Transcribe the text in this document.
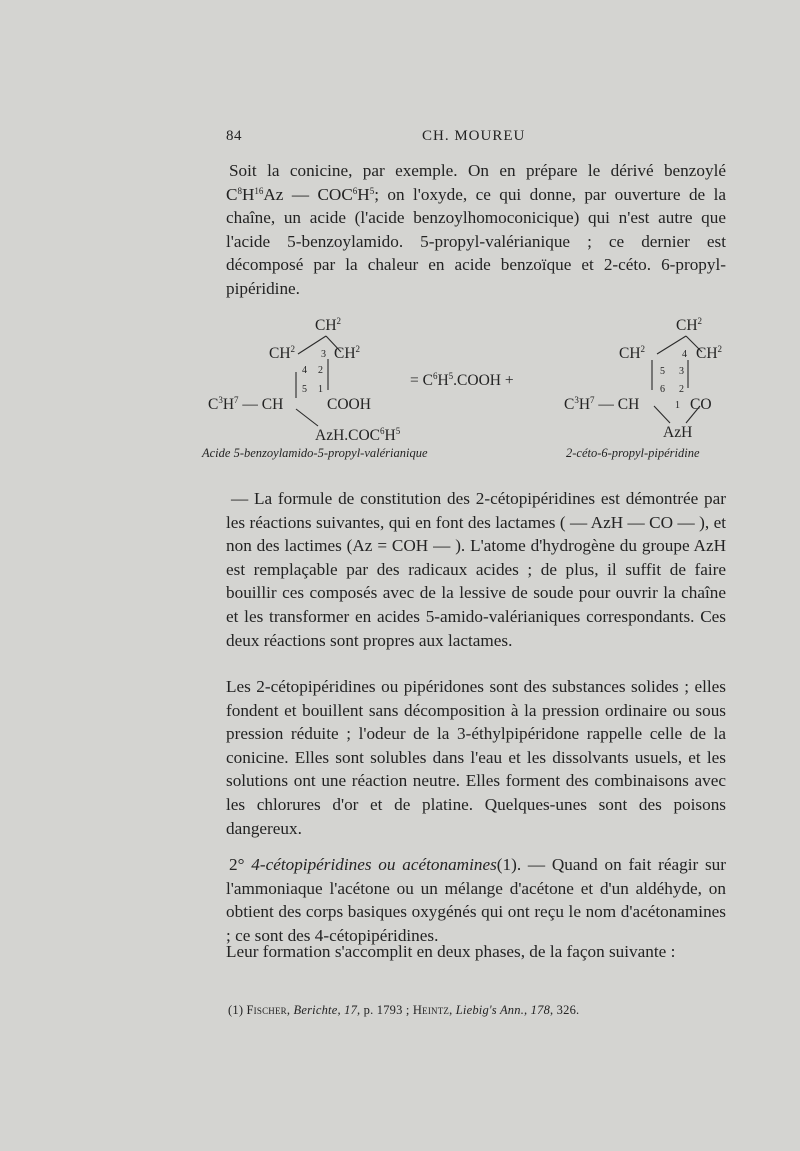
84	CH. MOUREU

Soit la conicine, par exemple. On en prépare le dérivé benzoylé $C^8H^{16}Az$ — $COC^6H^5$; on l'oxyde, ce qui donne, par ouverture de la chaîne, un acide (l'acide benzoylhomoconicique) qui n'est autre que l'acide 5-benzoylamido. 5-propyl-valérianique ; ce dernier est décomposé par la chaleur en acide benzoïque et 2-céto. 6-propyl-pipéridine.

$CH^2$
$CH^2$	$CH^2$
3
4 2
5 1
$C^3H^7$ — CH	COOH
$AzH.COC^6H^5$
= $C^6H^5.COOH$ +
$CH^2$
$CH^2$	$CH^2$
4
5 3
6 2
1
$C^3H^7$ — CH	CO
AzH
Acide 5-benzoylamido-5-propyl-valérianique	2-céto-6-propyl-pipéridine

— La formule de constitution des 2-cétopipéridines est démontrée par les réactions suivantes, qui en font des lactames ( — AzH — CO — ), et non des lactimes (Az = COH — ). L'atome d'hydrogène du groupe AzH est remplaçable par des radicaux acides ; de plus, il suffit de faire bouillir ces composés avec de la lessive de soude pour ouvrir la chaîne et les transformer en acides 5-amido-valérianiques correspondants. Ces deux réactions sont propres aux lactames.

Les 2-cétopipéridines ou pipéridones sont des substances solides ; elles fondent et bouillent sans décomposition à la pression ordinaire ou sous pression réduite ; l'odeur de la 3-éthylpipéridone rappelle celle de la conicine. Elles sont solubles dans l'eau et les dissolvants usuels, et les solutions ont une réaction neutre. Elles forment des combinaisons avec les chlorures d'or et de platine. Quelques-unes sont des poisons dangereux.

2° 4-cétopipéridines ou acétonamines(1). — Quand on fait réagir sur l'ammoniaque l'acétone ou un mélange d'acétone et d'un aldéhyde, on obtient des corps basiques oxygénés qui ont reçu le nom d'acétonamines ; ce sont des 4-cétopipéridines.

Leur formation s'accomplit en deux phases, de la façon suivante :

(1) Fischer, Berichte, 17, p. 1793 ; Heintz, Liebig's Ann., 178, 326.
